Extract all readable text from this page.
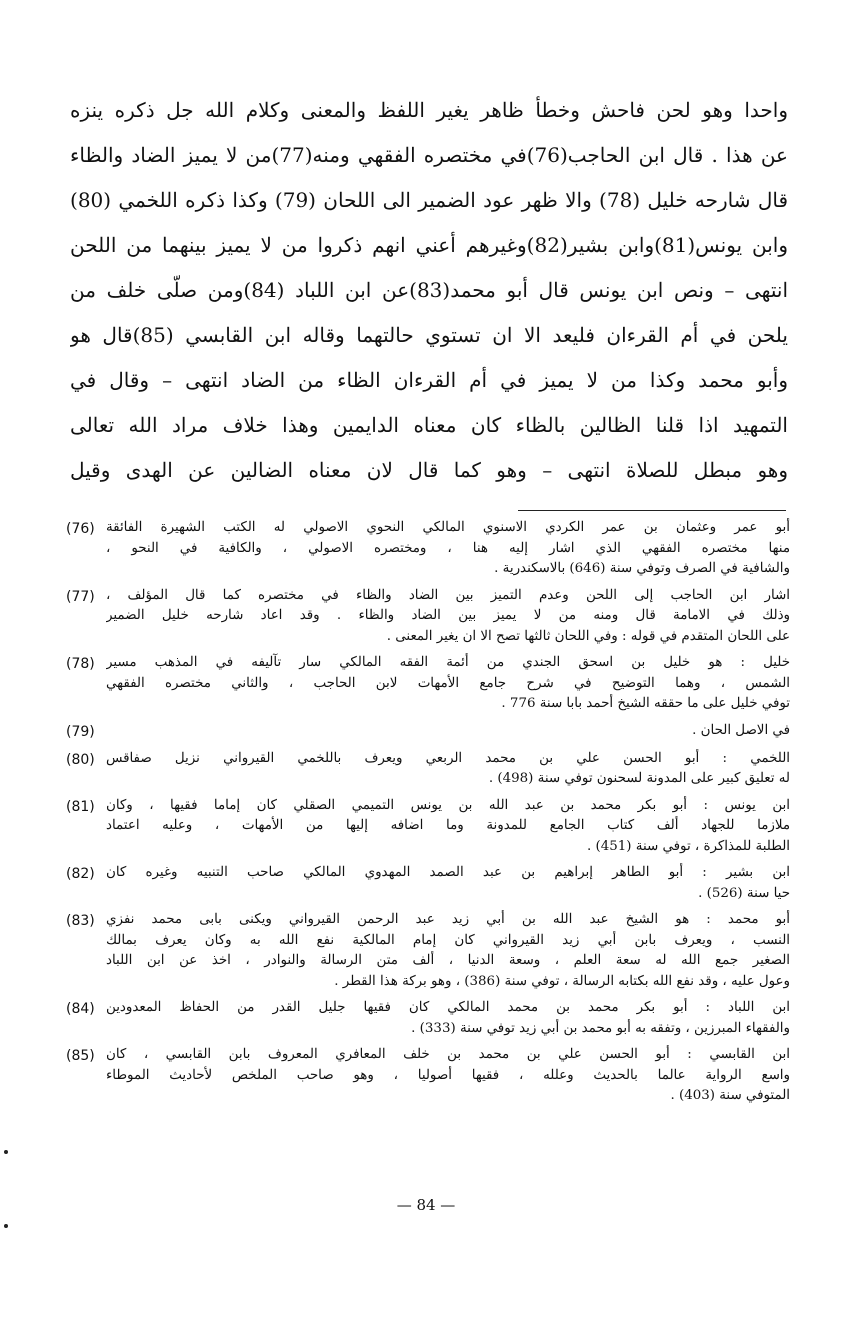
واحدا وهو لحن فاحش وخطأ ظاهر يغير اللفظ والمعنى وكلام الله جل ذكره ينزه
عن هذا . قال ابن الحاجب(76)في مختصره الفقهي ومنه(77)من لا يميز الضاد والظاء
قال شارحه خليل (78) والا ظهر عود الضمير الى اللحان (79) وكذا ذكره اللخمي (80)
وابن يونس(81)وابن بشير(82)وغيرهم أعني انهم ذكروا من لا يميز بينهما من اللحن
انتهى – ونص ابن يونس قال أبو محمد(83)عن ابن اللباد (84)ومن صلّى خلف من
يلحن في أم القرءان فليعد الا ان تستوي حالتهما وقاله ابن القابسي (85)قال هو
وأبو محمد وكذا من لا يميز في أم القرءان الظاء من الضاد انتهى – وقال في
التمهيد اذا قلنا الظالين بالظاء كان معناه الدايمين وهذا خلاف مراد الله تعالى
وهو مبطل للصلاة انتهى – وهو كما قال لان معناه الضالين عن الهدى وقيل
أبو عمر وعثمان بن عمر الكردي الاسنوي المالكي النحوي الاصولي له الكتب الشهيرة الفائقة
منها مختصره الفقهي الذي اشار إليه هنا ، ومختصره الاصولي ، والكافية في النحو ،
والشافية في الصرف وتوفي سنة (646) بالاسكندرية .
(76)
اشار ابن الحاجب إلى اللحن وعدم التميز بين الضاد والظاء في مختصره كما قال المؤلف ،
وذلك في الامامة قال ومنه من لا يميز بين الضاد والظاء . وقد اعاد شارحه خليل الضمير
على اللحان المتقدم في قوله : وفي اللحان ثالثها تصح الا ان يغير المعنى .
(77)
خليل : هو خليل بن اسحق الجندي من أئمة الفقه المالكي سار تآليفه في المذهب مسير
الشمس ، وهما التوضيح في شرح جامع الأمهات لابن الحاجب ، والثاني مختصره الفقهي
توفي خليل على ما حققه الشيخ أحمد بابا سنة 776 .
(78)
في الاصل الحان .
(79)
اللخمي : أبو الحسن علي بن محمد الربعي ويعرف باللخمي القيرواني نزيل صفاقس
له تعليق كبير على المدونة لسحنون توفي سنة (498) .
(80)
ابن يونس : أبو بكر محمد بن عبد الله بن يونس التميمي الصقلي كان إماما فقيها ، وكان
ملازما للجهاد ألف كتاب الجامع للمدونة وما اضافه إليها من الأمهات ، وعليه اعتماد
الطلبة للمذاكرة ، توفي سنة (451) .
(81)
ابن بشير : أبو الطاهر إبراهيم بن عبد الصمد المهدوي المالكي صاحب التنبيه وغيره كان
حيا سنة (526) .
(82)
أبو محمد : هو الشيخ عبد الله بن أبي زيد عبد الرحمن القيرواني ويكنى بابى محمد نفزي
النسب ، ويعرف بابن أبي زيد القيرواني كان إمام المالكية نفع الله به وكان يعرف بمالك
الصغير جمع الله له سعة العلم ، وسعة الدنيا ، ألف متن الرسالة والنوادر ، اخذ عن ابن اللباد
وعول عليه ، وقد نفع الله بكتابه الرسالة ، توفي سنة (386) ، وهو بركة هذا القطر .
(83)
ابن اللباد : أبو بكر محمد بن محمد المالكي كان فقيها جليل القدر من الحفاظ المعدودين
والفقهاء المبرزين ، وتفقه به أبو محمد بن أبي زيد توفي سنة (333) .
(84)
ابن القابسي : أبو الحسن علي بن محمد بن خلف المعافري المعروف بابن القابسي ، كان
واسع الرواية عالما بالحديث وعلله ، فقيها أصوليا ، وهو صاحب الملخص لأحاديث الموطاء
المتوفي سنة (403) .
(85)
— 84 —
